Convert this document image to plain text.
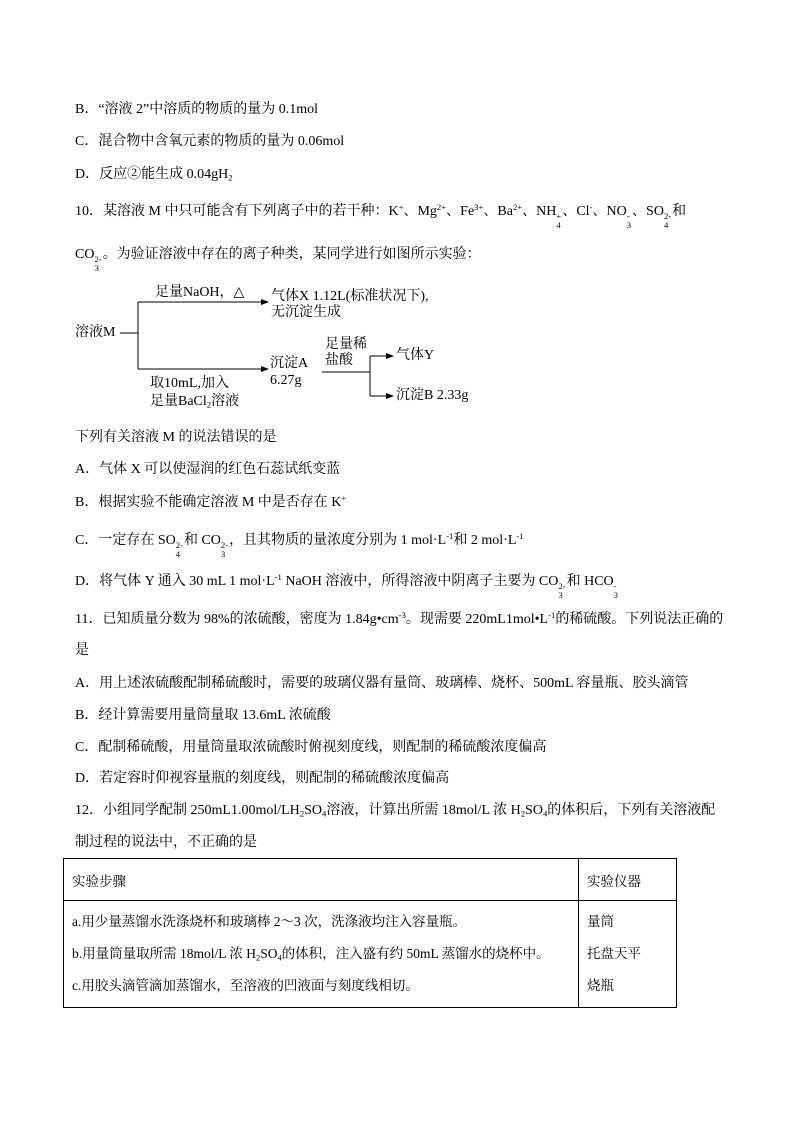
B．“溶液 2”中溶质的物质的量为 0.1mol
C．混合物中含氧元素的物质的量为 0.06mol
D．反应②能生成 $0.04gH_2$
10．某溶液 M 中只可能含有下列离子中的若干种：K+、$Mg^{2+}$、$Fe^{3+}$、$Ba^{2+}$、NH +
4
、Cl-、NO -
3
、SO 2-
4
和
CO 2-
3
。为验证溶液中存在的离子种类，某同学进行如图所示实验：
溶液M
足量NaOH，△ 气体X 1.12L(标准状况下),
无沉淀生成
取10mL,加入
足量BaCl$_2$溶液
沉淀A
6.27g
足量稀
盐酸	气体Y
沉淀B 2.33g
下列有关溶液 M 的说法错误的是
A．气体 X 可以使湿润的红色石蕊试纸变蓝
B．根据实验不能确定溶液 M 中是否存在 K+
C．一定存在 SO 2-
4
和 CO 2-
3
，且其物质的量浓度分别为 1 $mol\cdot L^{-1}$和 2 $mol\cdot L^{-1}$
D．将气体 Y 通入 30 mL 1 $mol\cdot L^{-1}$ NaOH 溶液中，所得溶液中阴离子主要为 CO 2-
3
和 HCO -
3
11．已知质量分数为 98%的浓硫酸，密度为 $1.84g•cm^{-3}$。现需要 $220mL1mol•L^{-1}$的稀硫酸。下列说法正确的
是
A．用上述浓硫酸配制稀硫酸时，需要的玻璃仪器有量筒、玻璃棒、烧杯、500mL 容量瓶、胶头滴管
B．经计算需要用量筒量取 13.6mL 浓硫酸
C．配制稀硫酸，用量筒量取浓硫酸时俯视刻度线，则配制的稀硫酸浓度偏高
D．若定容时仰视容量瓶的刻度线，则配制的稀硫酸浓度偏高
12．小组同学配制 $250mL1.00mol/LH_2SO_4$溶液，计算出所需 18mol/L 浓 $H_2SO_4$的体积后，下列有关溶液配
制过程的说法中，不正确的是
实验步骤	实验仪器
a.用少量蒸馏水洗涤烧杯和玻璃棒 2～3 次，洗涤液均注入容量瓶。
b.用量筒量取所需 18mol/L 浓 $H_2SO_4$的体积，注入盛有约 50mL 蒸馏水的烧杯中。
c.用胶头滴管滴加蒸馏水，至溶液的凹液面与刻度线相切。
量筒
托盘天平
烧瓶
